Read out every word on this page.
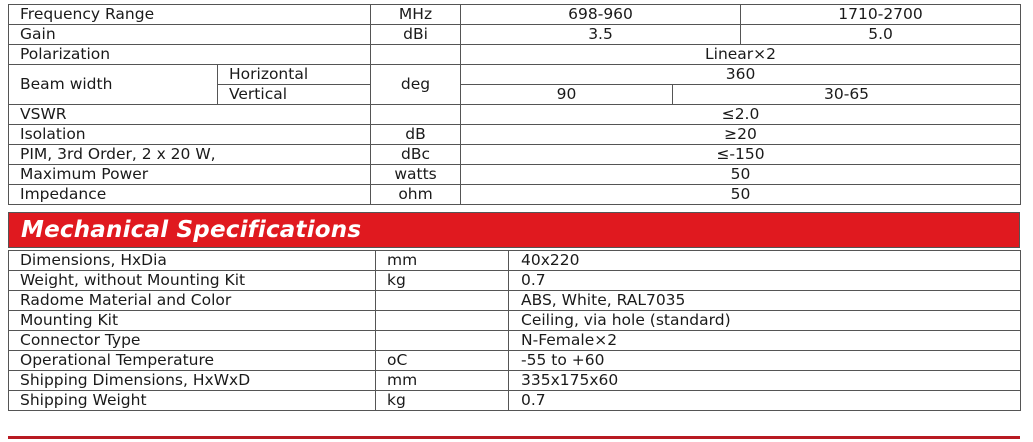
Frequency Range		MHz	698-960		1710-2700
Gain		dBi	3.5		5.0
Polarization			Linear×2		
Beam width	Horizontal	deg	360		
	Vertical		90	30-65	
VSWR			≤2.0		
Isolation		dB	≥20		
PIM, 3rd Order, 2 x 20 W,		dBc	≤-150		
Maximum Power		watts	50		
Impedance		ohm	50		
Mechanical Specifications
Dimensions, HxDia	mm	40x220
Weight, without Mounting Kit	kg	0.7
Radome Material and Color		ABS, White, RAL7035
Mounting Kit		Ceiling, via hole (standard)
Connector Type		N-Female×2
Operational Temperature	oC	-55 to +60
Shipping Dimensions, HxWxD	mm	335x175x60
Shipping Weight	kg	0.7
